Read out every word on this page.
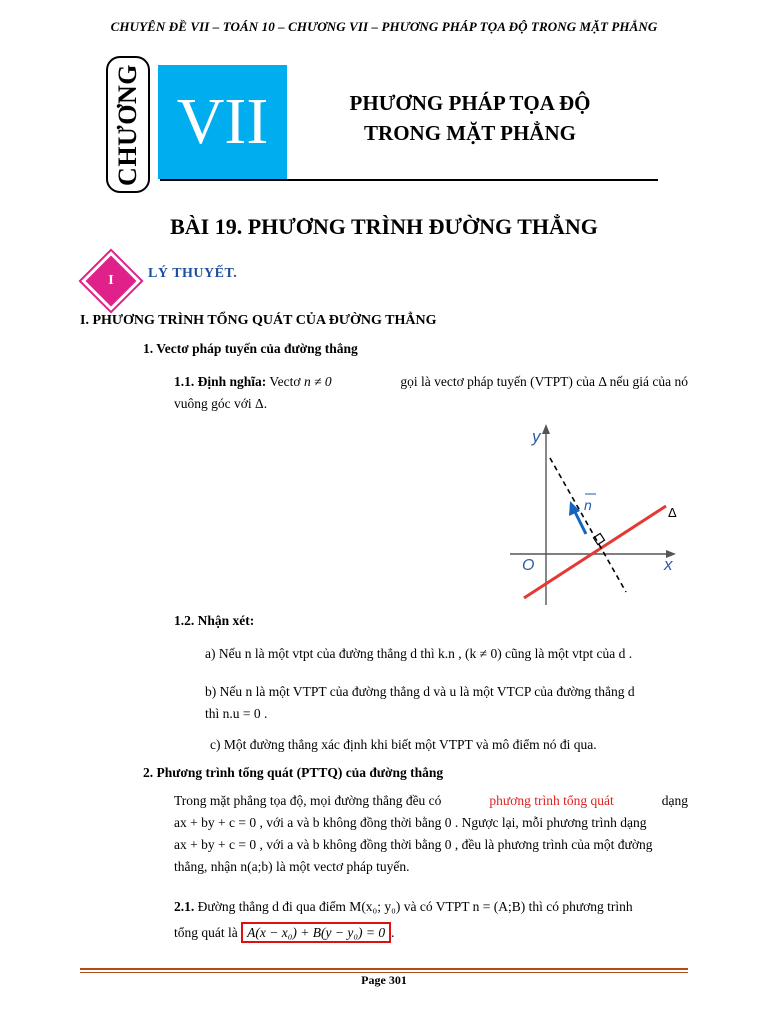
CHUYÊN ĐỀ VII – TOÁN 10 – CHƯƠNG VII – PHƯƠNG PHÁP TỌA ĐỘ TRONG MẶT PHẲNG
CHƯƠNG VII	PHƯƠNG PHÁP TỌA ĐỘ
TRONG MẶT PHẲNG
BÀI 19. PHƯƠNG TRÌNH ĐƯỜNG THẲNG
I	LÝ THUYẾT.
I. PHƯƠNG TRÌNH TỔNG QUÁT CỦA ĐƯỜNG THẲNG
1. Vectơ pháp tuyến của đường thẳng
1.1. Định nghĩa: Vectơ n ≠ 0	gọi là vectơ pháp tuyến (VTPT) của Δ nếu giá của nó
vuông góc với Δ.
y
x
O
n	Δ
1.2. Nhận xét:
a) Nếu n là một vtpt của đường thẳng d thì k.n , (k ≠ 0) cũng là một vtpt của d .
b) Nếu n là một VTPT của đường thẳng d và u là một VTCP của đường thẳng d
thì n.u = 0 .
c) Một đường thẳng xác định khi biết một VTPT và mô điểm nó đi qua.
2. Phương trình tổng quát (PTTQ) của đường thẳng
Trong mặt phẳng tọa độ, mọi đường thẳng đều có	phương trình tổng quát	dạng
ax + by + c = 0 , với a và b không đồng thời bằng 0 . Ngược lại, mỗi phương trình dạng
ax + by + c = 0 , với a và b không đồng thời bằng 0 , đều là phương trình của một đường
thẳng, nhận n(a;b) là một vectơ pháp tuyến.
2.1. Đường thẳng d đi qua điểm M(x₀; y₀) và có VTPT n = (A;B) thì có phương trình
tổng quát là A(x − x₀) + B(y − y₀) = 0 .
Page 301
